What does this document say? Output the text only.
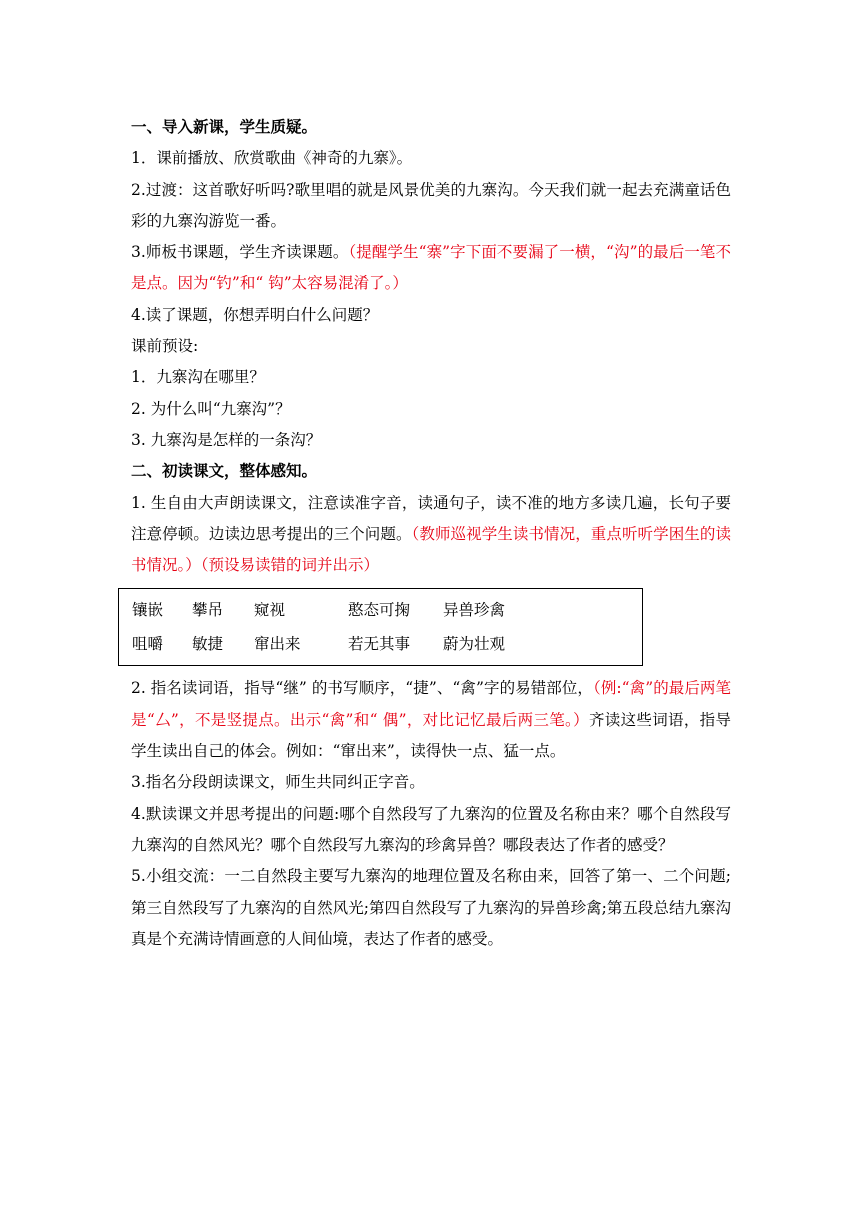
一、导入新课，学生质疑。

1．课前播放、欣赏歌曲《神奇的九寨》。

2.过渡：这首歌好听吗?歌里唱的就是风景优美的九寨沟。今天我们就一起去充满童话色彩的九寨沟游览一番。

3.师板书课题，学生齐读课题。（提醒学生“寨”字下面不要漏了一横，“沟”的最后一笔不是点。因为“钓”和“ 钩”太容易混淆了。）

4.读了课题，你想弄明白什么问题？

课前预设:

1．九寨沟在哪里？

2. 为什么叫“九寨沟”？

3. 九寨沟是怎样的一条沟？

二、初读课文，整体感知。

1. 生自由大声朗读课文，注意读准字音，读通句子，读不准的地方多读几遍，长句子要注意停顿。边读边思考提出的三个问题。（教师巡视学生读书情况，重点听听学困生的读书情况。）（预设易读错的词并出示）

镶嵌	攀吊	窥视	憨态可掬	异兽珍禽
咀嚼	敏捷	窜出来	若无其事	蔚为壮观

2. 指名读词语，指导“继” 的书写顺序，“捷”、“禽”字的易错部位，（例:“禽”的最后两笔是“厶”，不是竖提点。出示“禽”和“ 偶”，对比记忆最后两三笔。）齐读这些词语，指导学生读出自己的体会。例如：“窜出来”，读得快一点、猛一点。

3.指名分段朗读课文，师生共同纠正字音。

4.默读课文并思考提出的问题:哪个自然段写了九寨沟的位置及名称由来？哪个自然段写九寨沟的自然风光？哪个自然段写九寨沟的珍禽异兽？哪段表达了作者的感受？

5.小组交流：一二自然段主要写九寨沟的地理位置及名称由来，回答了第一、二个问题;第三自然段写了九寨沟的自然风光;第四自然段写了九寨沟的异兽珍禽;第五段总结九寨沟真是个充满诗情画意的人间仙境，表达了作者的感受。
